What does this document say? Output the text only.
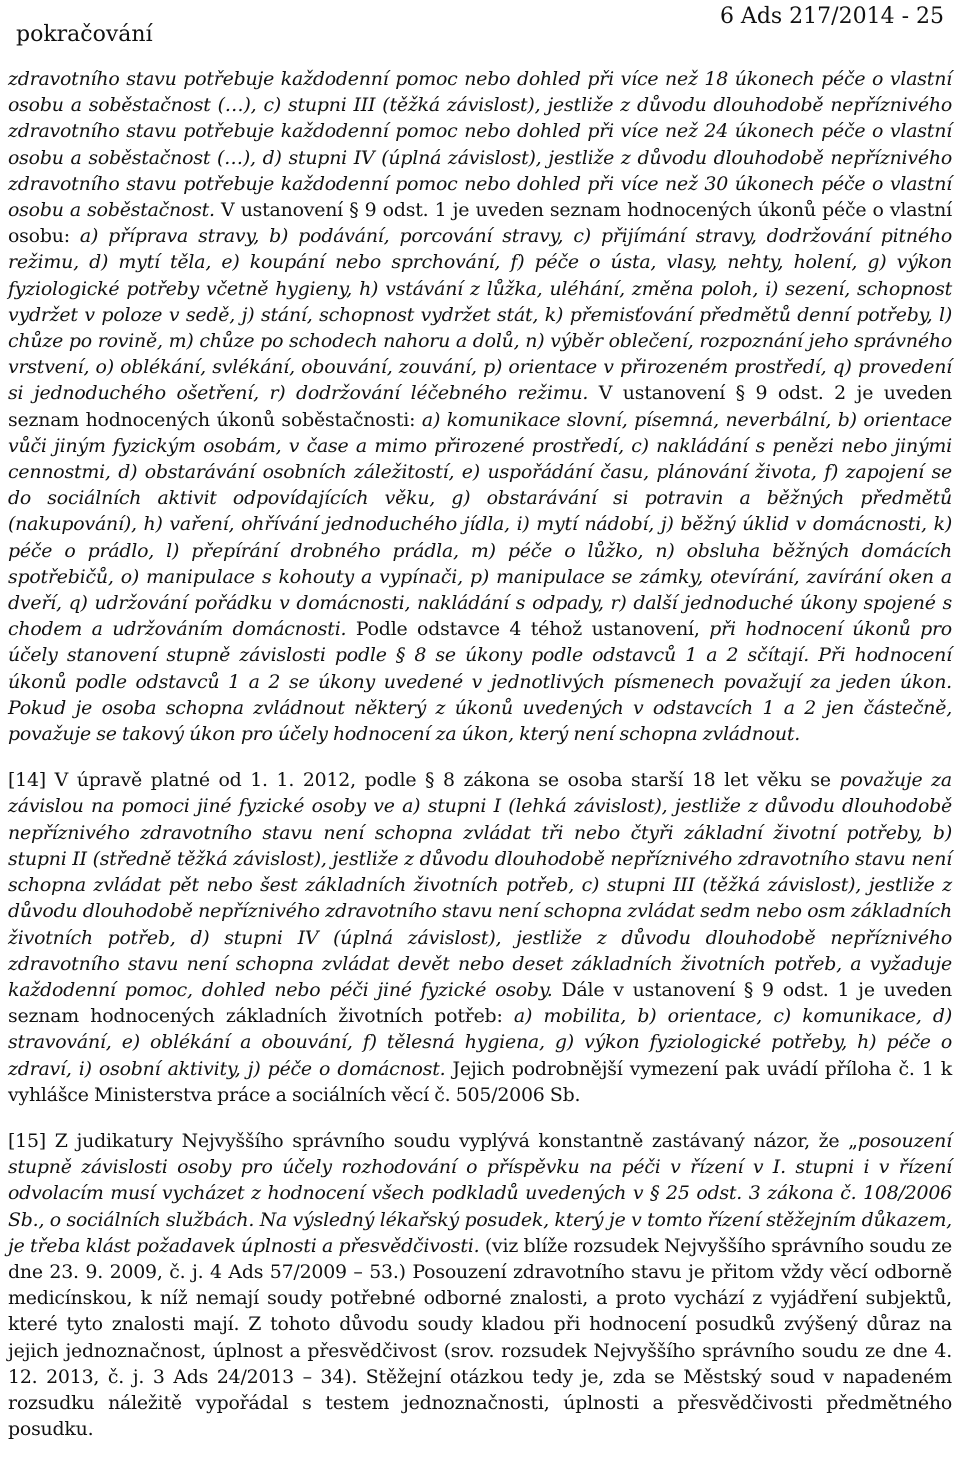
pokračování
6 Ads 217/2014 - 25
zdravotního stavu potřebuje každodenní pomoc nebo dohled při více než 18 úkonech péče o vlastní osobu a soběstačnost (…), c) stupni III (těžká závislost), jestliže z důvodu dlouhodobě nepříznivého zdravotního stavu potřebuje každodenní pomoc nebo dohled při více než 24 úkonech péče o vlastní osobu a soběstačnost (…), d) stupni IV (úplná závislost), jestliže z důvodu dlouhodobě nepříznivého zdravotního stavu potřebuje každodenní pomoc nebo dohled při více než 30 úkonech péče o vlastní osobu a soběstačnost. V ustanovení § 9 odst. 1 je uveden seznam hodnocených úkonů péče o vlastní osobu: a) příprava stravy, b) podávání, porcování stravy, c) přijímání stravy, dodržování pitného režimu, d) mytí těla, e) koupání nebo sprchování, f) péče o ústa, vlasy, nehty, holení, g) výkon fyziologické potřeby včetně hygieny, h) vstávání z lůžka, uléhání, změna poloh, i) sezení, schopnost vydržet v poloze v sedě, j) stání, schopnost vydržet stát, k) přemisťování předmětů denní potřeby, l) chůze po rovině, m) chůze po schodech nahoru a dolů, n) výběr oblečení, rozpoznání jeho správného vrstvení, o) oblékání, svlékání, obouvání, zouvání, p) orientace v přirozeném prostředí, q) provedení si jednoduchého ošetření, r) dodržování léčebného režimu. V ustanovení § 9 odst. 2 je uveden seznam hodnocených úkonů soběstačnosti: a) komunikace slovní, písemná, neverbální, b) orientace vůči jiným fyzickým osobám, v čase a mimo přirozené prostředí, c) nakládání s penězi nebo jinými cennostmi, d) obstarávání osobních záležitostí, e) uspořádání času, plánování života, f) zapojení se do sociálních aktivit odpovídajících věku, g) obstarávání si potravin a běžných předmětů (nakupování), h) vaření, ohřívání jednoduchého jídla, i) mytí nádobí, j) běžný úklid v domácnosti, k) péče o prádlo, l) přepírání drobného prádla, m) péče o lůžko, n) obsluha běžných domácích spotřebičů, o) manipulace s kohouty a vypínači, p) manipulace se zámky, otevírání, zavírání oken a dveří, q) udržování pořádku v domácnosti, nakládání s odpady, r) další jednoduché úkony spojené s chodem a udržováním domácnosti. Podle odstavce 4 téhož ustanovení, při hodnocení úkonů pro účely stanovení stupně závislosti podle § 8 se úkony podle odstavců 1 a 2 sčítají. Při hodnocení úkonů podle odstavců 1 a 2 se úkony uvedené v jednotlivých písmenech považují za jeden úkon. Pokud je osoba schopna zvládnout některý z úkonů uvedených v odstavcích 1 a 2 jen částečně, považuje se takový úkon pro účely hodnocení za úkon, který není schopna zvládnout.
[14] V úpravě platné od 1. 1. 2012, podle § 8 zákona se osoba starší 18 let věku se považuje za závislou na pomoci jiné fyzické osoby ve a) stupni I (lehká závislost), jestliže z důvodu dlouhodobě nepříznivého zdravotního stavu není schopna zvládat tři nebo čtyři základní životní potřeby, b) stupni II (středně těžká závislost), jestliže z důvodu dlouhodobě nepříznivého zdravotního stavu není schopna zvládat pět nebo šest základních životních potřeb, c) stupni III (těžká závislost), jestliže z důvodu dlouhodobě nepříznivého zdravotního stavu není schopna zvládat sedm nebo osm základních životních potřeb, d) stupni IV (úplná závislost), jestliže z důvodu dlouhodobě nepříznivého zdravotního stavu není schopna zvládat devět nebo deset základních životních potřeb, a vyžaduje každodenní pomoc, dohled nebo péči jiné fyzické osoby. Dále v ustanovení § 9 odst. 1 je uveden seznam hodnocených základních životních potřeb: a) mobilita, b) orientace, c) komunikace, d) stravování, e) oblékání a obouvání, f) tělesná hygiena, g) výkon fyziologické potřeby, h) péče o zdraví, i) osobní aktivity, j) péče o domácnost. Jejich podrobnější vymezení pak uvádí příloha č. 1 k vyhlášce Ministerstva práce a sociálních věcí č. 505/2006 Sb.
[15] Z judikatury Nejvyššího správního soudu vyplývá konstantně zastávaný názor, že „posouzení stupně závislosti osoby pro účely rozhodování o příspěvku na péči v řízení v I. stupni i v řízení odvolacím musí vycházet z hodnocení všech podkladů uvedených v § 25 odst. 3 zákona č. 108/2006 Sb., o sociálních službách. Na výsledný lékařský posudek, který je v tomto řízení stěžejním důkazem, je třeba klást požadavek úplnosti a přesvědčivosti. (viz blíže rozsudek Nejvyššího správního soudu ze dne 23. 9. 2009, č. j. 4 Ads 57/2009 – 53.) Posouzení zdravotního stavu je přitom vždy věcí odborně medicínskou, k níž nemají soudy potřebné odborné znalosti, a proto vychází z vyjádření subjektů, které tyto znalosti mají. Z tohoto důvodu soudy kladou při hodnocení posudků zvýšený důraz na jejich jednoznačnost, úplnost a přesvědčivost (srov. rozsudek Nejvyššího správního soudu ze dne 4. 12. 2013, č. j. 3 Ads 24/2013 – 34). Stěžejní otázkou tedy je, zda se Městský soud v napadeném rozsudku náležitě vypořádal s testem jednoznačnosti, úplnosti a přesvědčivosti předmětného posudku.
